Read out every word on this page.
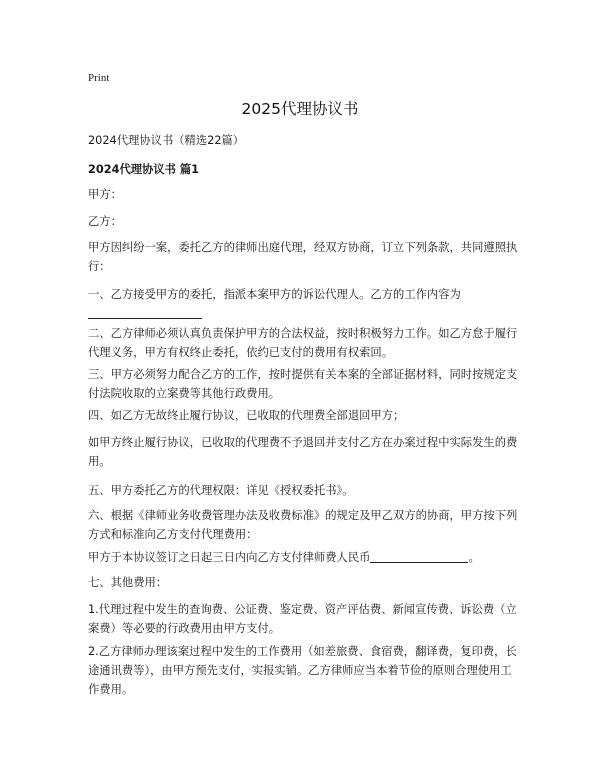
Print
2025代理协议书

2024代理协议书（精选22篇）

2024代理协议书 篇1

甲方：

乙方：

甲方因纠纷一案，委托乙方的律师出庭代理，经双方协商，订立下列条款，共同遵照执行：

一、乙方接受甲方的委托，指派本案甲方的诉讼代理人。乙方的工作内容为

二、乙方律师必须认真负责保护甲方的合法权益，按时积极努力工作。如乙方怠于履行代理义务，甲方有权终止委托，依约已支付的费用有权索回。

三、甲方必须努力配合乙方的工作，按时提供有关本案的全部证据材料，同时按规定支付法院收取的立案费等其他行政费用。

四、如乙方无故终止履行协议，已收取的代理费全部退回甲方；

如甲方终止履行协议，已收取的代理费不予退回并支付乙方在办案过程中实际发生的费用。

五、甲方委托乙方的代理权限：详见《授权委托书》。

六、根据《律师业务收费管理办法及收费标准》的规定及甲乙双方的协商，甲方按下列方式和标准向乙方支付代理费用：

甲方于本协议签订之日起三日内向乙方支付律师费人民币	。

七、其他费用：

1.代理过程中发生的查询费、公证费、鉴定费、资产评估费、新闻宣传费、诉讼费（立案费）等必要的行政费用由甲方支付。

2.乙方律师办理该案过程中发生的工作费用（如差旅费、食宿费，翻译费，复印费，长途通讯费等），由甲方预先支付，实报实销。乙方律师应当本着节俭的原则合理使用工作费用。
